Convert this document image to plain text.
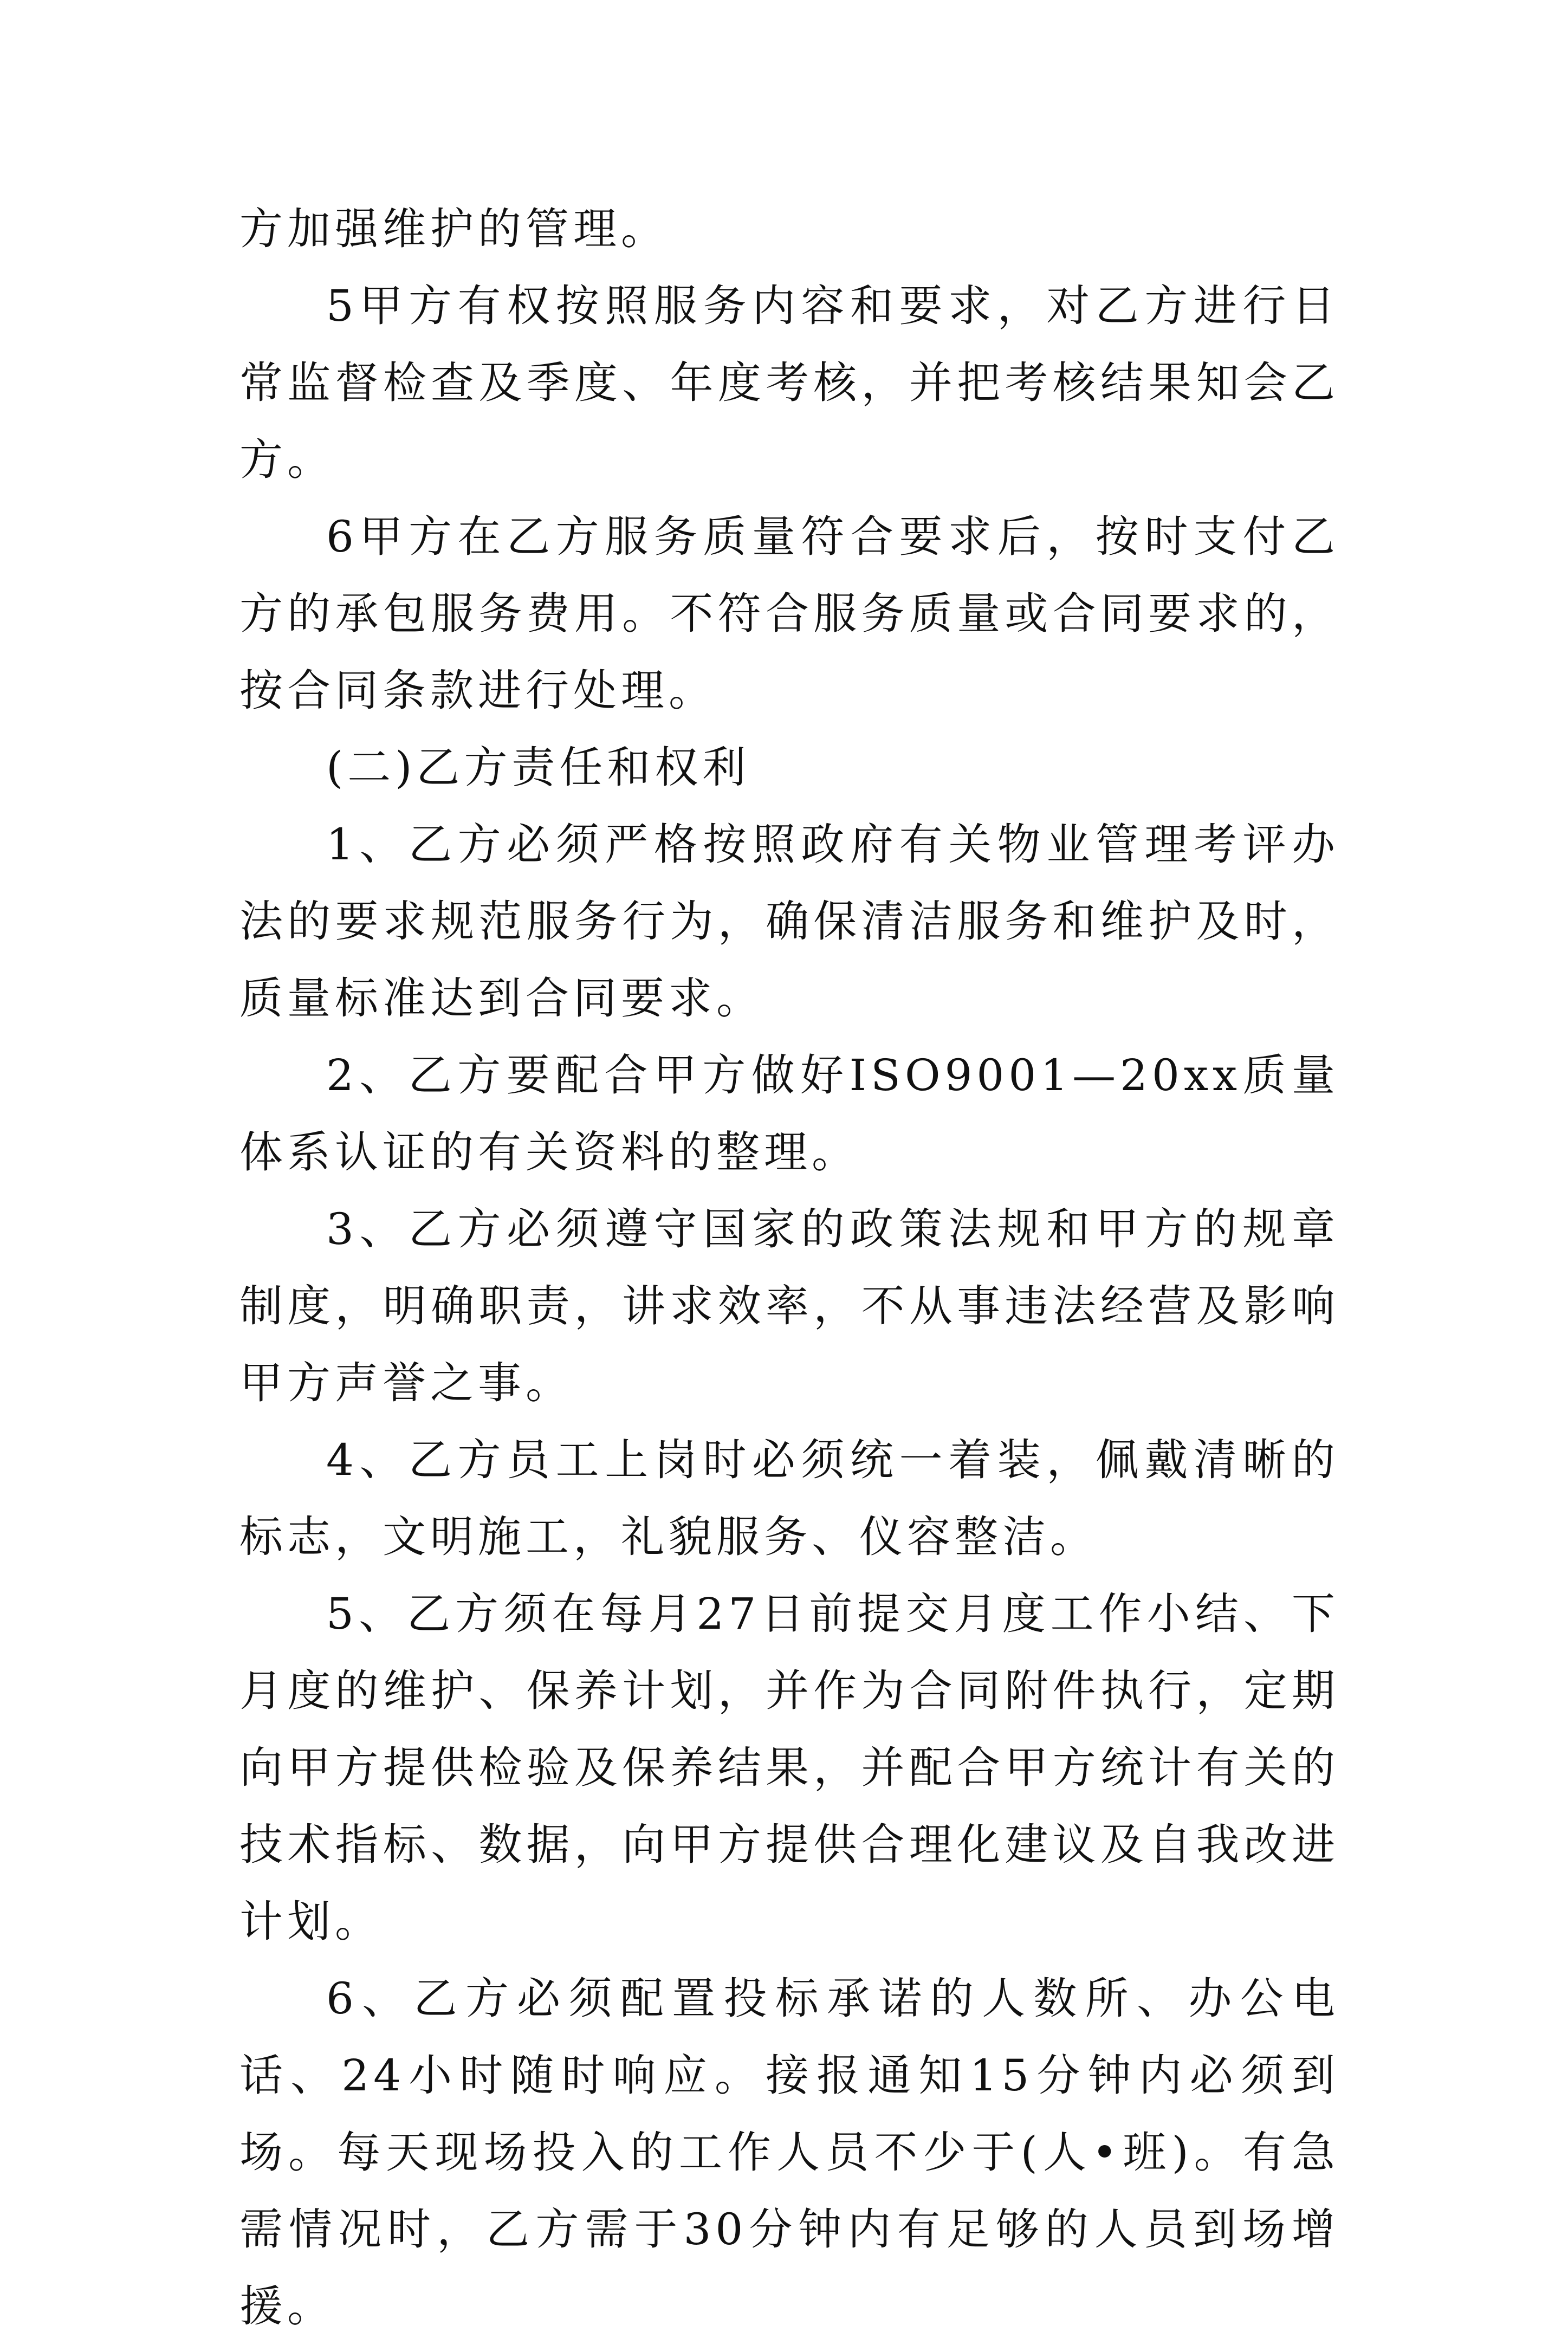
方加强维护的管理。

5甲方有权按照服务内容和要求，对乙方进行日常监督检查及季度、年度考核，并把考核结果知会乙方。

6甲方在乙方服务质量符合要求后，按时支付乙方的承包服务费用。不符合服务质量或合同要求的，按合同条款进行处理。

(二)乙方责任和权利

1、乙方必须严格按照政府有关物业管理考评办法的要求规范服务行为，确保清洁服务和维护及时，质量标准达到合同要求。

2、乙方要配合甲方做好ISO9001—20xx质量体系认证的有关资料的整理。

3、乙方必须遵守国家的政策法规和甲方的规章制度，明确职责，讲求效率，不从事违法经营及影响甲方声誉之事。

4、乙方员工上岗时必须统一着装，佩戴清晰的标志，文明施工，礼貌服务、仪容整洁。

5、乙方须在每月27日前提交月度工作小结、下月度的维护、保养计划，并作为合同附件执行，定期向甲方提供检验及保养结果，并配合甲方统计有关的技术指标、数据，向甲方提供合理化建议及自我改进计划。

6、乙方必须配置投标承诺的人数所、办公电话、24小时随时响应。接报通知15分钟内必须到场。每天现场投入的工作人员不少于(人•班)。有急需情况时，乙方需于30分钟内有足够的人员到场增援。
